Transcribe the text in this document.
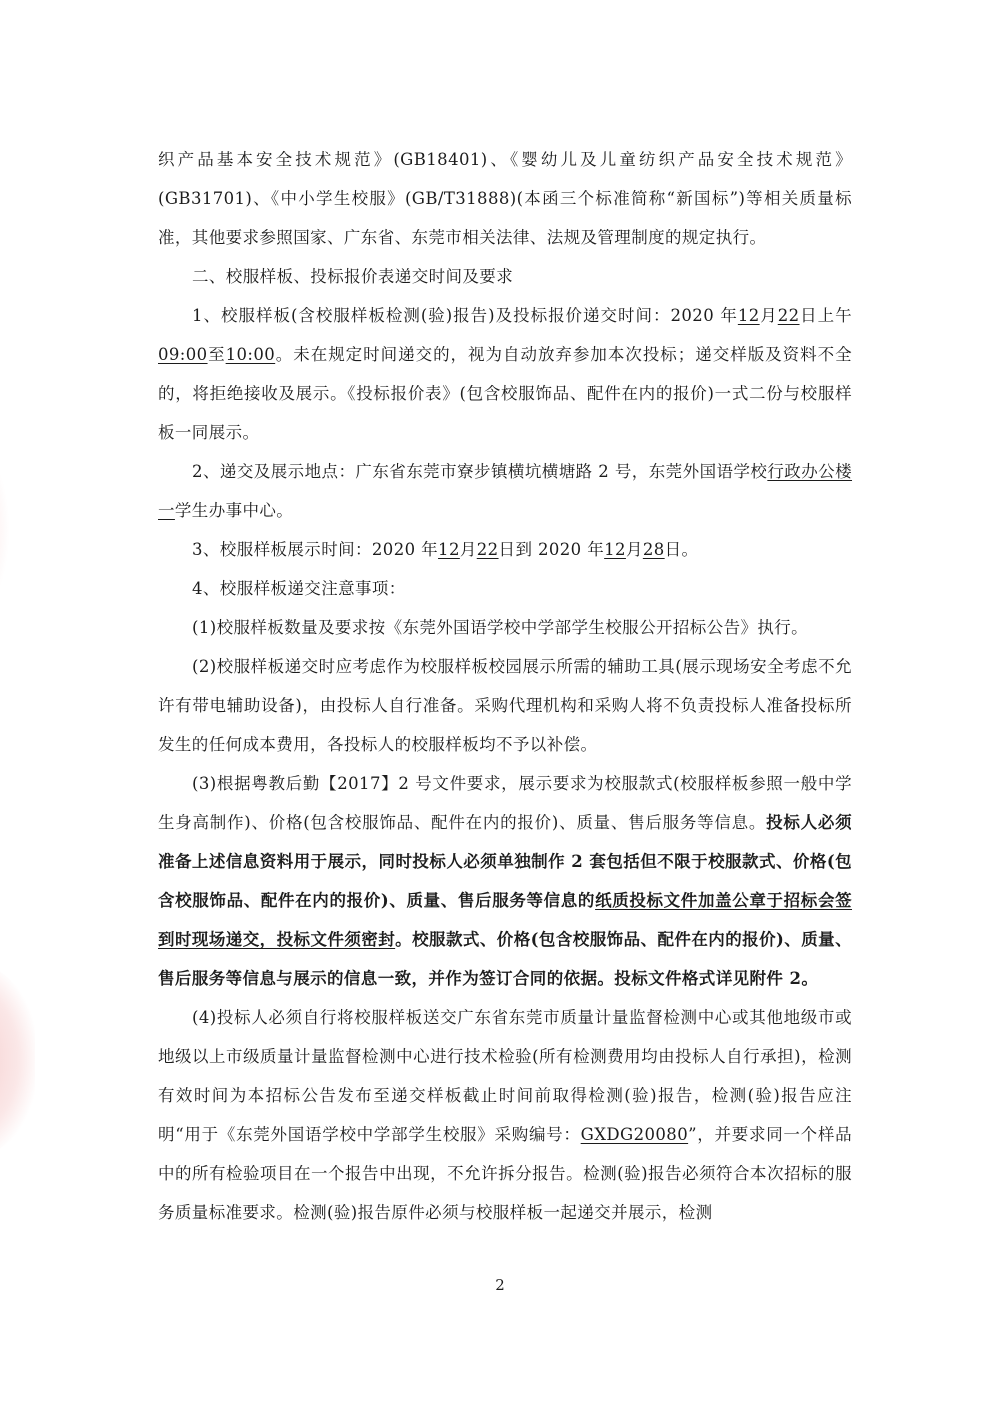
织产品基本安全技术规范》(GB18401)、《婴幼儿及儿童纺织产品安全技术规范》(GB31701)、《中小学生校服》(GB/T31888)(本函三个标准简称“新国标”)等相关质量标准，其他要求参照国家、广东省、东莞市相关法律、法规及管理制度的规定执行。

二、校服样板、投标报价表递交时间及要求

1、校服样板(含校服样板检测(验)报告)及投标报价递交时间：2020 年12月22日上午09:00至10:00。未在规定时间递交的，视为自动放弃参加本次投标；递交样版及资料不全的，将拒绝接收及展示。《投标报价表》(包含校服饰品、配件在内的报价)一式二份与校服样板一同展示。

2、递交及展示地点：广东省东莞市寮步镇横坑横塘路 2 号，东莞外国语学校行政办公楼一学生办事中心。

3、校服样板展示时间：2020 年12月22日到 2020 年12月28日。

4、校服样板递交注意事项：

(1)校服样板数量及要求按《东莞外国语学校中学部学生校服公开招标公告》执行。

(2)校服样板递交时应考虑作为校服样板校园展示所需的辅助工具(展示现场安全考虑不允许有带电辅助设备)，由投标人自行准备。采购代理机构和采购人将不负责投标人准备投标所发生的任何成本费用，各投标人的校服样板均不予以补偿。

(3)根据粤教后勤【2017】2 号文件要求，展示要求为校服款式(校服样板参照一般中学生身高制作)、价格(包含校服饰品、配件在内的报价)、质量、售后服务等信息。投标人必须准备上述信息资料用于展示，同时投标人必须单独制作 2 套包括但不限于校服款式、价格(包含校服饰品、配件在内的报价)、质量、售后服务等信息的纸质投标文件加盖公章于招标会签到时现场递交，投标文件须密封。校服款式、价格(包含校服饰品、配件在内的报价)、质量、售后服务等信息与展示的信息一致，并作为签订合同的依据。投标文件格式详见附件 2。

(4)投标人必须自行将校服样板送交广东省东莞市质量计量监督检测中心或其他地级市或地级以上市级质量计量监督检测中心进行技术检验(所有检测费用均由投标人自行承担)，检测有效时间为本招标公告发布至递交样板截止时间前取得检测(验)报告，检测(验)报告应注明“用于《东莞外国语学校中学部学生校服》采购编号：GXDG20080”，并要求同一个样品中的所有检验项目在一个报告中出现，不允许拆分报告。检测(验)报告必须符合本次招标的服务质量标准要求。检测(验)报告原件必须与校服样板一起递交并展示，检测

2
